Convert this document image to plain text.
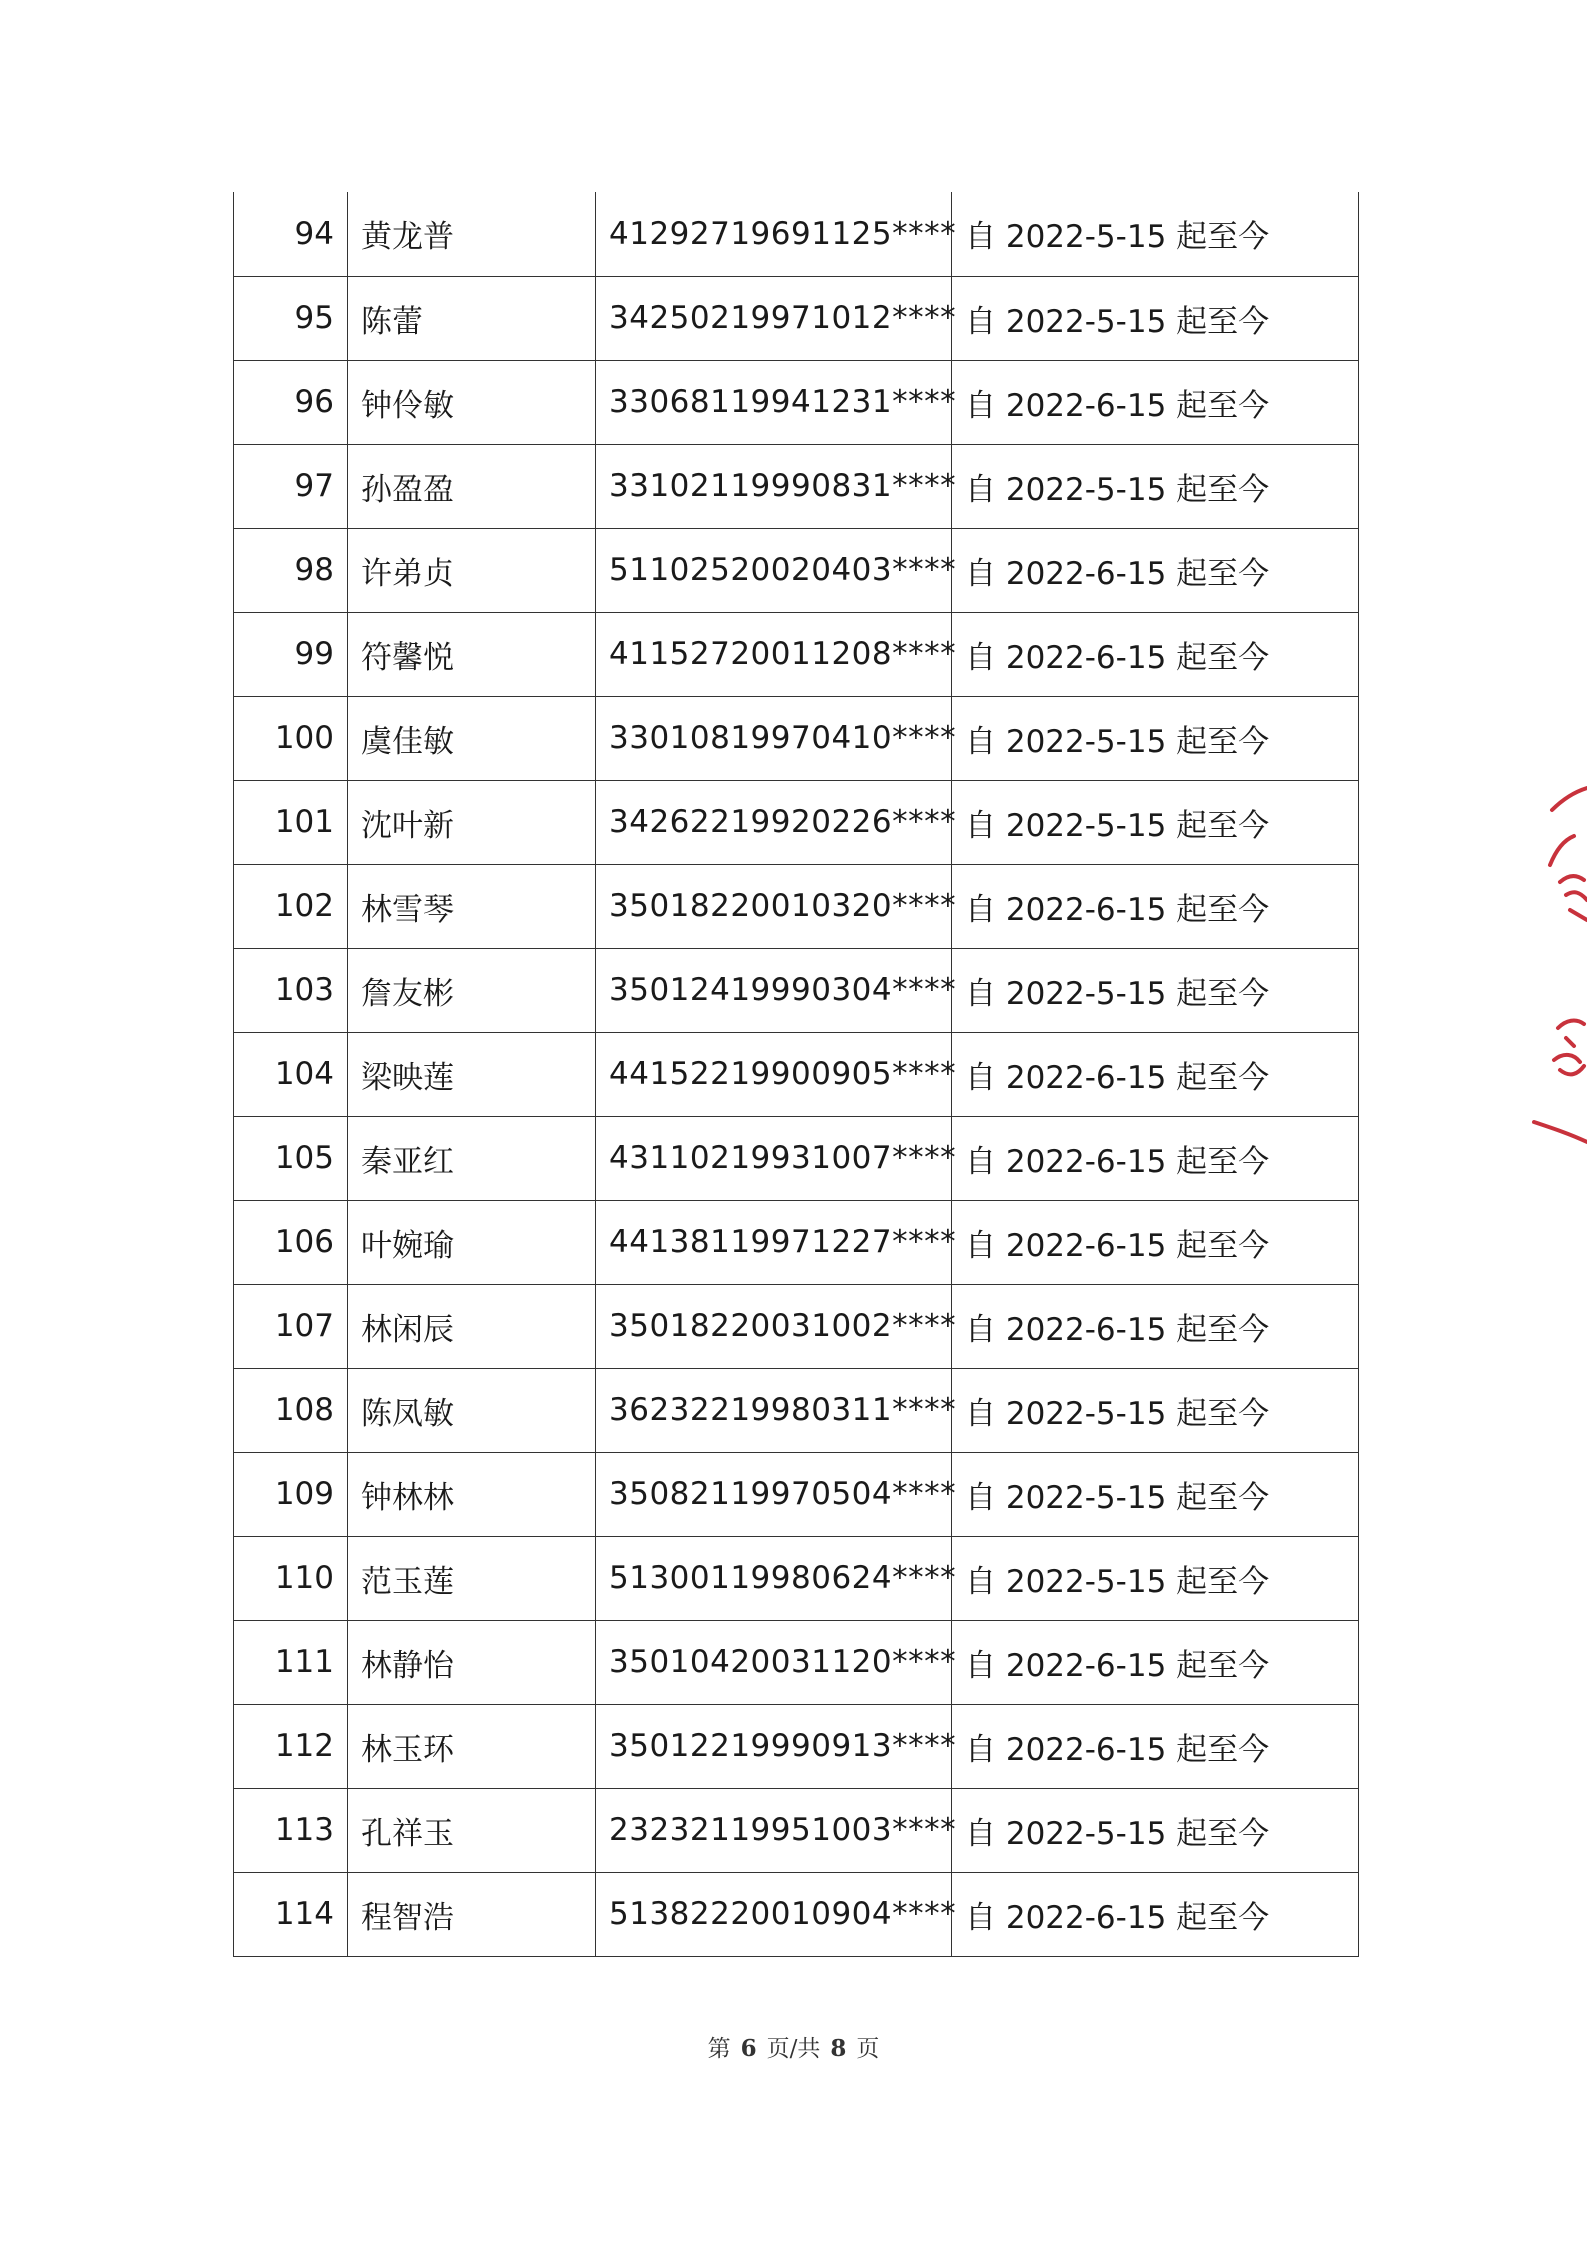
94	黄龙普	41292719691125****	自 2022-5-15 起至今
95	陈蕾	34250219971012****	自 2022-5-15 起至今
96	钟伶敏	33068119941231****	自 2022-6-15 起至今
97	孙盈盈	33102119990831****	自 2022-5-15 起至今
98	许弟贞	51102520020403****	自 2022-6-15 起至今
99	符馨悦	41152720011208****	自 2022-6-15 起至今
100	虞佳敏	33010819970410****	自 2022-5-15 起至今
101	沈叶新	34262219920226****	自 2022-5-15 起至今
102	林雪琴	35018220010320****	自 2022-6-15 起至今
103	詹友彬	35012419990304****	自 2022-5-15 起至今
104	梁映莲	44152219900905****	自 2022-6-15 起至今
105	秦亚红	43110219931007****	自 2022-6-15 起至今
106	叶婉瑜	44138119971227****	自 2022-6-15 起至今
107	林闲辰	35018220031002****	自 2022-6-15 起至今
108	陈凤敏	36232219980311****	自 2022-5-15 起至今
109	钟林林	35082119970504****	自 2022-5-15 起至今
110	范玉莲	51300119980624****	自 2022-5-15 起至今
111	林静怡	35010420031120****	自 2022-6-15 起至今
112	林玉环	35012219990913****	自 2022-6-15 起至今
113	孔祥玉	23232119951003****	自 2022-5-15 起至今
114	程智浩	51382220010904****	自 2022-6-15 起至今
第 6 页/共 8 页
